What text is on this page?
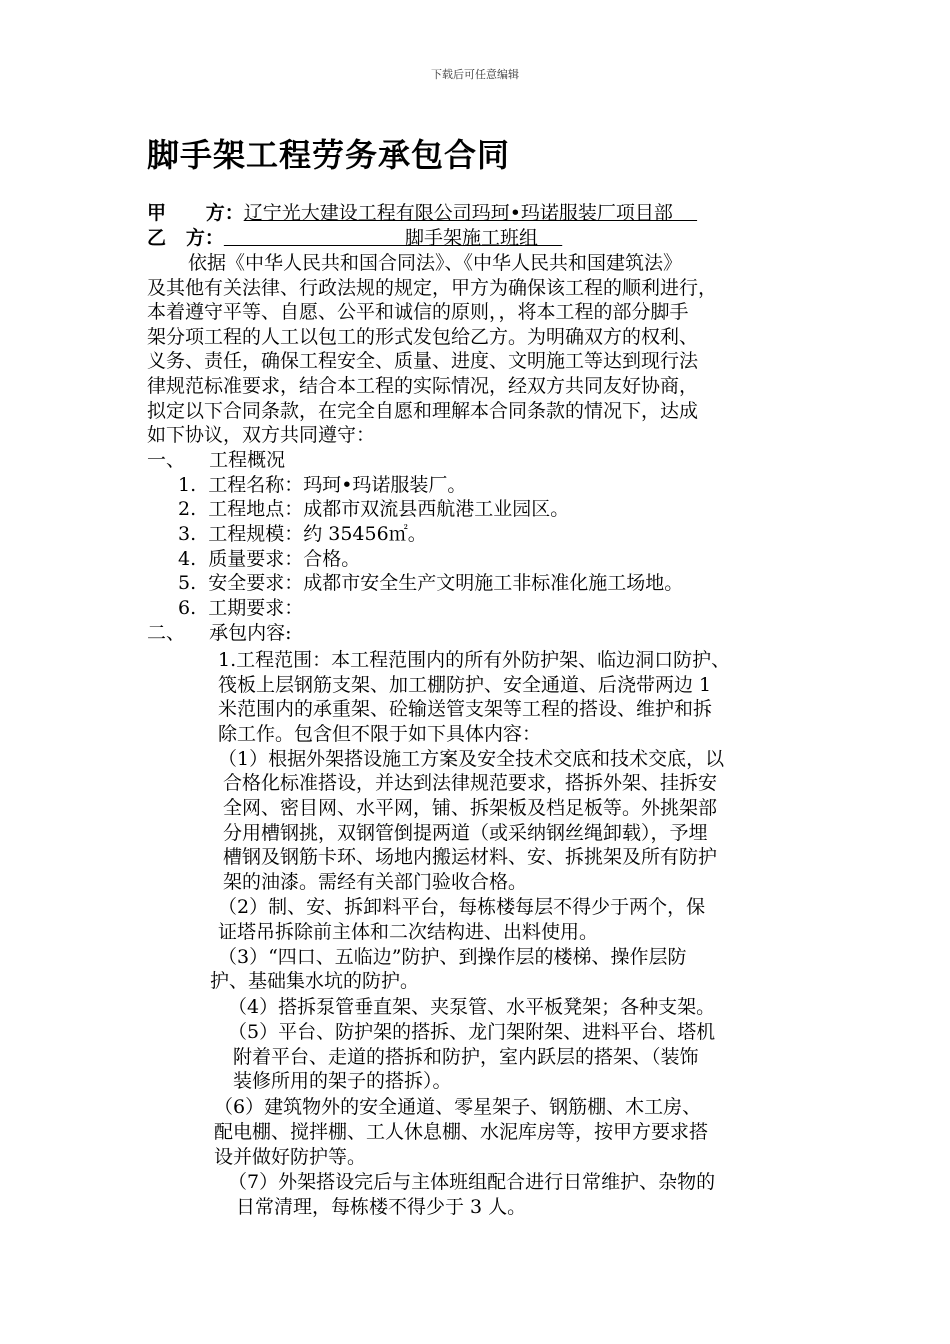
下载后可任意编辑
脚手架工程劳务承包合同
甲      方：辽宁光大建设工程有限公司玛珂•玛诺服装厂项目部
乙   方：                              脚手架施工班组
依据《中华人民共和国合同法》、《中华人民共和国建筑法》
及其他有关法律、行政法规的规定，甲方为确保该工程的顺利进行，
本着遵守平等、自愿、公平和诚信的原则，，将本工程的部分脚手
架分项工程的人工以包工的形式发包给乙方。为明确双方的权利、
义务、责任，确保工程安全、质量、进度、文明施工等达到现行法
律规范标准要求，结合本工程的实际情况，经双方共同友好协商，
拟定以下合同条款，在完全自愿和理解本合同条款的情况下，达成
如下协议，双方共同遵守：
一、    工程概况
1.  工程名称：玛珂•玛诺服装厂。
2.  工程地点：成都市双流县西航港工业园区。
3.  工程规模：约 35456㎡。
4.  质量要求：合格。
5.  安全要求：成都市安全生产文明施工非标准化施工场地。
6.  工期要求：
二、    承包内容:
1.工程范围：本工程范围内的所有外防护架、临边洞口防护、
筏板上层钢筋支架、加工棚防护、安全通道、后浇带两边 1
米范围内的承重架、砼输送管支架等工程的搭设、维护和拆
除工作。包含但不限于如下具体内容：
（1）根据外架搭设施工方案及安全技术交底和技术交底，以
合格化标准搭设，并达到法律规范要求，搭拆外架、挂拆安
全网、密目网、水平网，铺、拆架板及档足板等。外挑架部
分用槽钢挑，双钢管倒提两道（或采纳钢丝绳卸载），予埋
槽钢及钢筋卡环、场地内搬运材料、安、拆挑架及所有防护
架的油漆。需经有关部门验收合格。
（2）制、安、拆卸料平台，每栋楼每层不得少于两个，保
证塔吊拆除前主体和二次结构进、出料使用。
（3）“四口、五临边”防护、到操作层的楼梯、操作层防
护、基础集水坑的防护。
（4）搭拆泵管垂直架、夹泵管、水平板凳架；各种支架。
（5）平台、防护架的搭拆、龙门架附架、进料平台、塔机
附着平台、走道的搭拆和防护，室内跃层的搭架、（装饰
装修所用的架子的搭拆）。
（6）建筑物外的安全通道、零星架子、钢筋棚、木工房、
配电棚、搅拌棚、工人休息棚、水泥库房等，按甲方要求搭
设并做好防护等。
（7）外架搭设完后与主体班组配合进行日常维护、杂物的
日常清理，每栋楼不得少于 3 人。
